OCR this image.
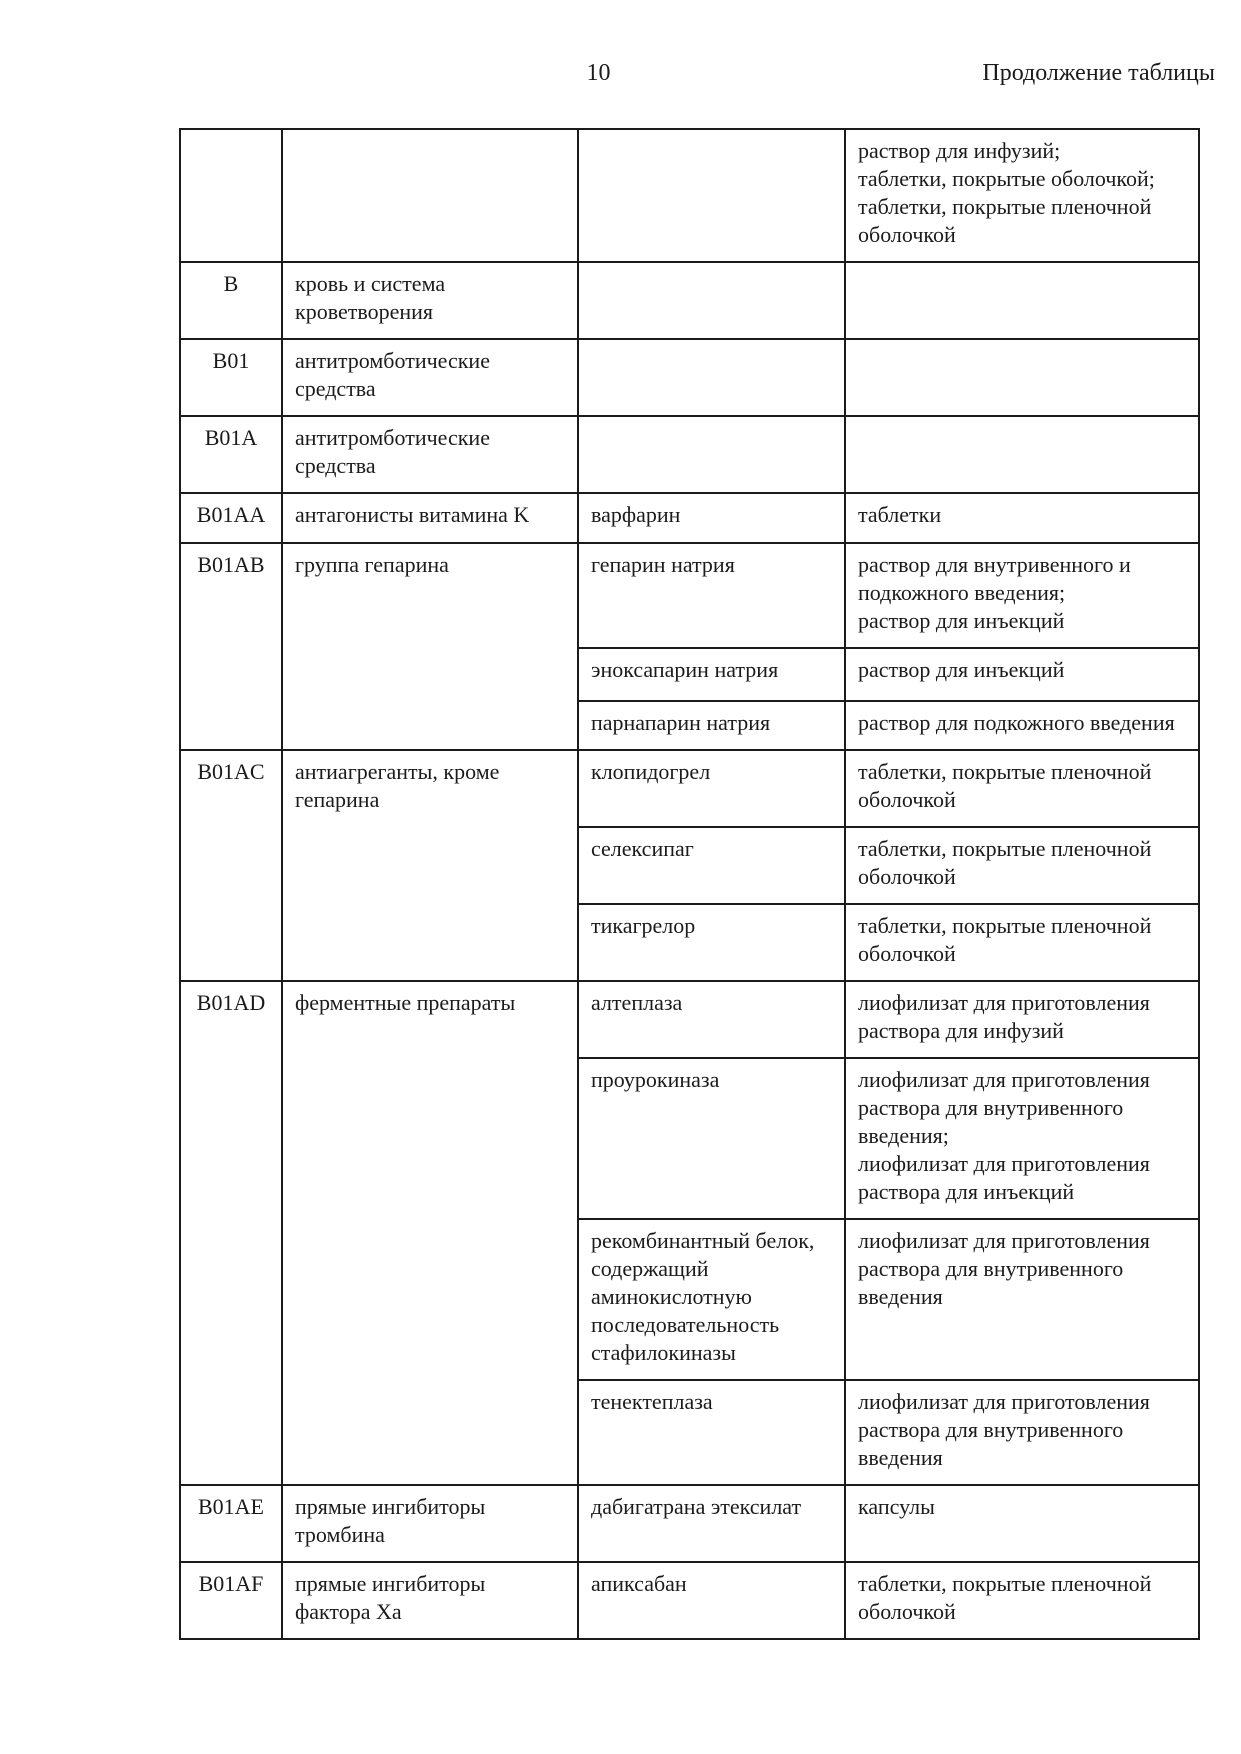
10	Продолжение таблицы

			раствор для инфузий;
таблетки, покрытые оболочкой;
таблетки, покрытые пленочной оболочкой

B	кровь и система кроветворения		
B01	антитромботические средства		
B01A	антитромботические средства		
B01AA	антагонисты витамина K	варфарин	таблетки

B01AB	группа гепарина	гепарин натрия	раствор для внутривенного и подкожного введения;
раствор для инъекций

		эноксапарин натрия	раствор для инъекций

		парнапарин натрия	раствор для подкожного введения

B01AC	антиагреганты, кроме гепарина	клопидогрел	таблетки, покрытые пленочной оболочкой

		селексипаг	таблетки, покрытые пленочной оболочкой

		тикагрелор	таблетки, покрытые пленочной оболочкой

B01AD	ферментные препараты	алтеплаза	лиофилизат для приготовления раствора для инфузий

		проурокиназа	лиофилизат для приготовления раствора для внутривенного введения;
лиофилизат для приготовления раствора для инъекций

		рекомбинантный белок, содержащий аминокислотную последовательность стафилокиназы	лиофилизат для приготовления раствора для внутривенного введения

		тенектеплаза	лиофилизат для приготовления раствора для внутривенного введения

B01AE	прямые ингибиторы тромбина	дабигатрана этексилат	капсулы

B01AF	прямые ингибиторы фактора Xa	апиксабан	таблетки, покрытые пленочной оболочкой
